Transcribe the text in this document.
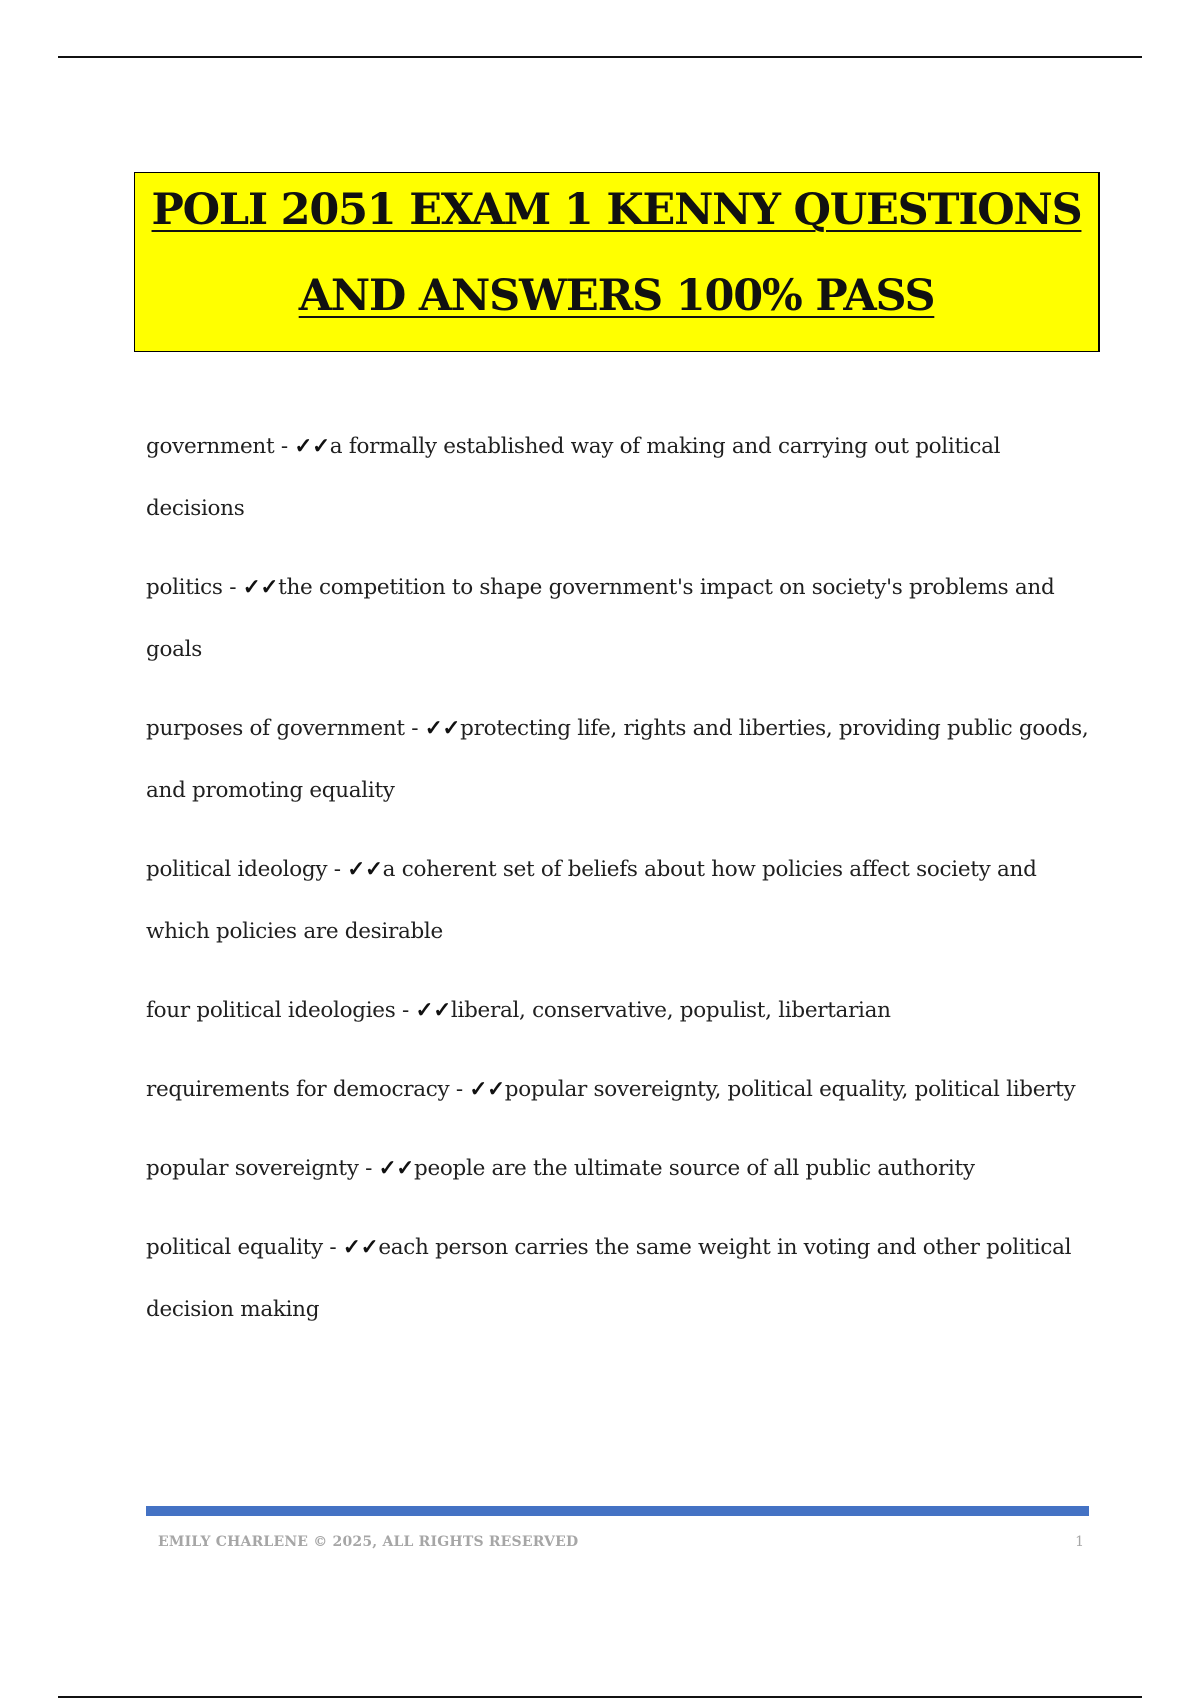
POLI 2051 EXAM 1 KENNY QUESTIONS
AND ANSWERS 100% PASS

government - ✓✓a formally established way of making and carrying out political decisions

politics - ✓✓the competition to shape government's impact on society's problems and goals

purposes of government - ✓✓protecting life, rights and liberties, providing public goods, and promoting equality

political ideology - ✓✓a coherent set of beliefs about how policies affect society and which policies are desirable

four political ideologies - ✓✓liberal, conservative, populist, libertarian

requirements for democracy - ✓✓popular sovereignty, political equality, political liberty

popular sovereignty - ✓✓people are the ultimate source of all public authority

political equality - ✓✓each person carries the same weight in voting and other political decision making

EMILY CHARLENE © 2025, ALL RIGHTS RESERVED	1
